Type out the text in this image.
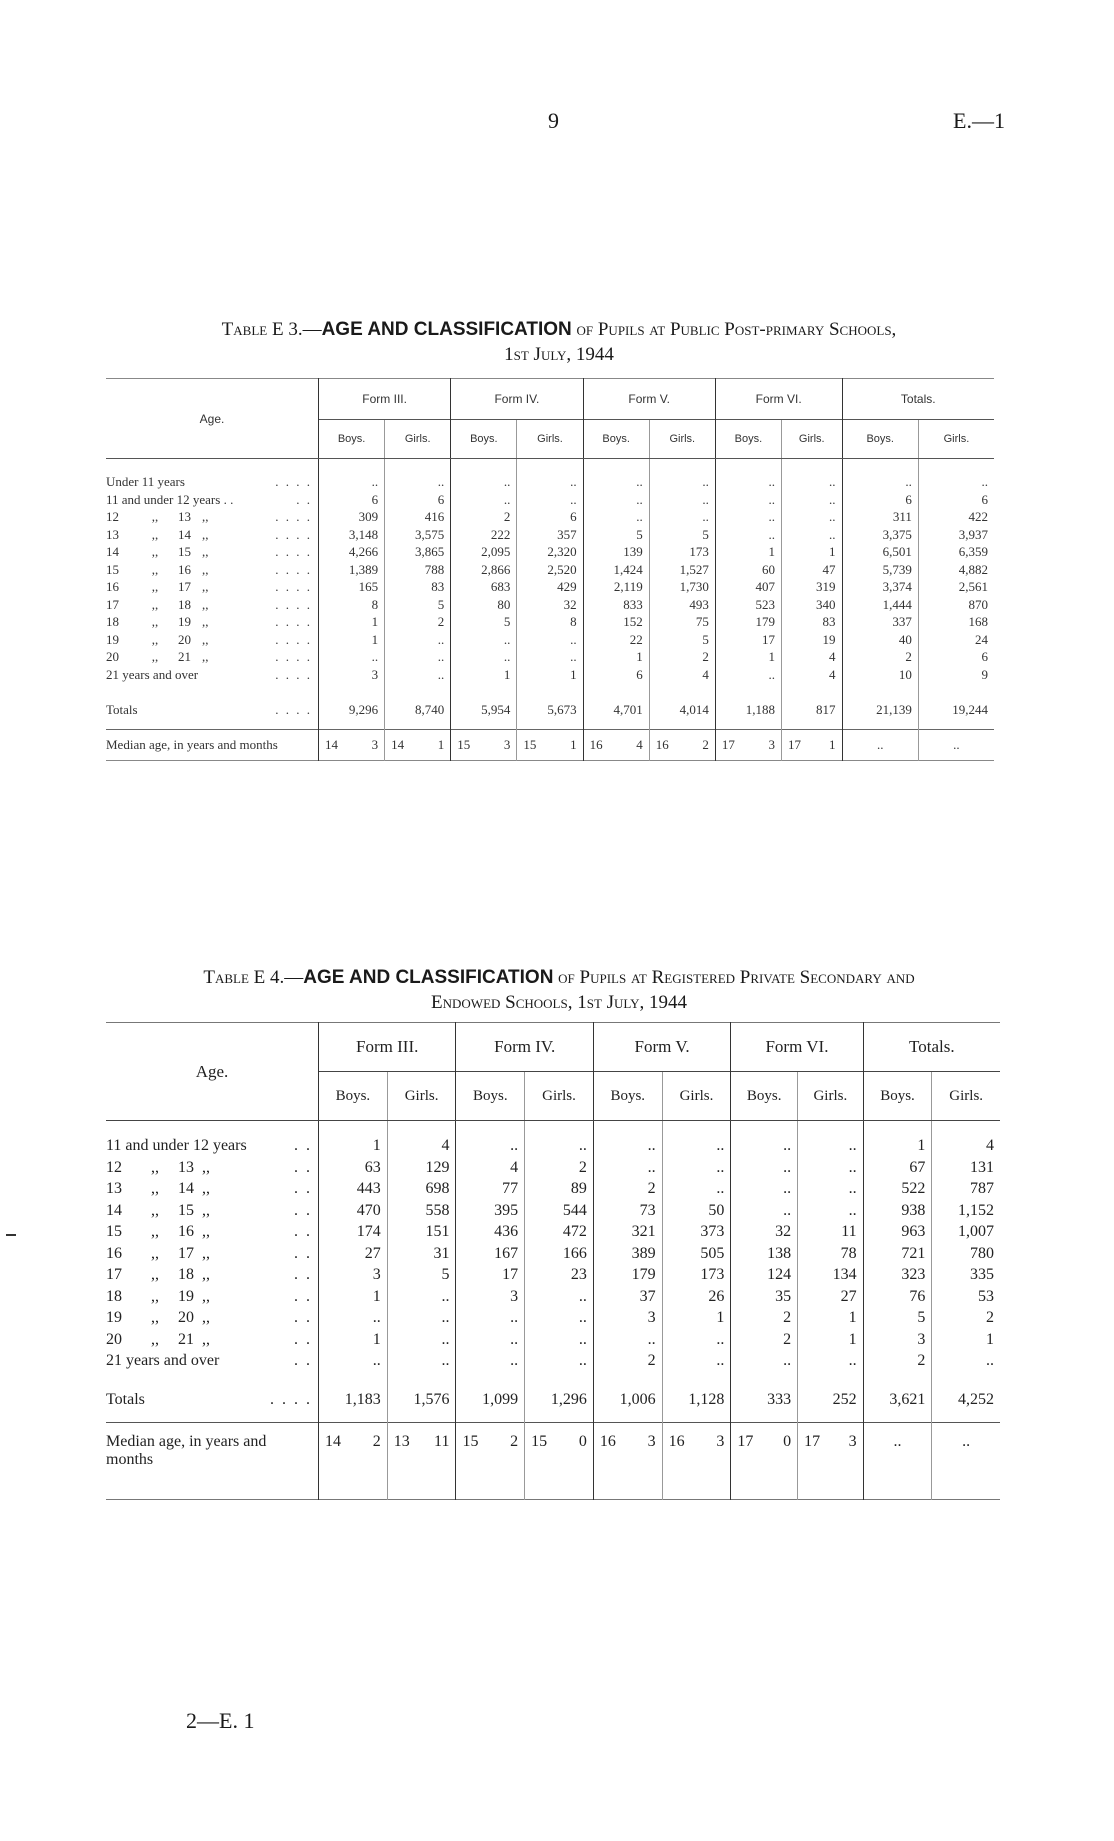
9	E.—1
Table E 3.—AGE AND CLASSIFICATION of Pupils at Public Post-primary Schools,
1st July, 1944
Age.	Form III.		Form IV.		Form V.		Form VI.		Totals.	
	Boys.	Girls.	Boys.	Girls.	Boys.	Girls.	Boys.	Girls.	Boys.	Girls.
Under 11 years . . . .	..	..	..	..	..	..	..	..	..	..
11 and under 12 years . . . .	6	6	..	..	..	..	..	..	6	6
12 ,, 13 ,, . . . .	309	416	2	6	..	..	..	..	311	422
13 ,, 14 ,, . . . .	3,148	3,575	222	357	5	5	..	..	3,375	3,937
14 ,, 15 ,, . . . .	4,266	3,865	2,095	2,320	139	173	1	1	6,501	6,359
15 ,, 16 ,, . . . .	1,389	788	2,866	2,520	1,424	1,527	60	47	5,739	4,882
16 ,, 17 ,, . . . .	165	83	683	429	2,119	1,730	407	319	3,374	2,561
17 ,, 18 ,, . . . .	8	5	80	32	833	493	523	340	1,444	870
18 ,, 19 ,, . . . .	1	2	5	8	152	75	179	83	337	168
19 ,, 20 ,, . . . .	1	..	..	..	22	5	17	19	40	24
20 ,, 21 ,, . . . .	..	..	..	..	1	2	1	4	2	6
21 years and over . . . .	3	..	1	1	6	4	..	4	10	9
Totals . . . .	9,296	8,740	5,954	5,673	4,701	4,014	1,188	817	21,139	19,244
Median age, in years and months	14 3	14 1	15 3	15 1	16 4	16 2	17 3	17 1	..	..
Table E 4.—AGE AND CLASSIFICATION of Pupils at Registered Private Secondary and
Endowed Schools, 1st July, 1944
Age.	Form III.		Form IV.		Form V.		Form VI.		Totals.	
	Boys.	Girls.	Boys.	Girls.	Boys.	Girls.	Boys.	Girls.	Boys.	Girls.
11 and under 12 years . .	1	4	..	..	..	..	..	..	1	4
12 ,, 13 ,, . .	63	129	4	2	..	..	..	..	67	131
13 ,, 14 ,, . .	443	698	77	89	2	..	..	..	522	787
14 ,, 15 ,, . .	470	558	395	544	73	50	..	..	938	1,152
15 ,, 16 ,, . .	174	151	436	472	321	373	32	11	963	1,007
16 ,, 17 ,, . .	27	31	167	166	389	505	138	78	721	780
17 ,, 18 ,, . .	3	5	17	23	179	173	124	134	323	335
18 ,, 19 ,, . .	1	..	3	..	37	26	35	27	76	53
19 ,, 20 ,, . .	..	..	..	..	3	1	2	1	5	2
20 ,, 21 ,, . .	1	..	..	..	..	..	2	1	3	1
21 years and over . .	..	..	..	..	2	..	..	..	2	..
Totals . . . .	1,183	1,576	1,099	1,296	1,006	1,128	333	252	3,621	4,252
Median age, in years and months	14 2	13 11	15 2	15 0	16 3	16 3	17 0	17 3	..	..
2—E. 1
